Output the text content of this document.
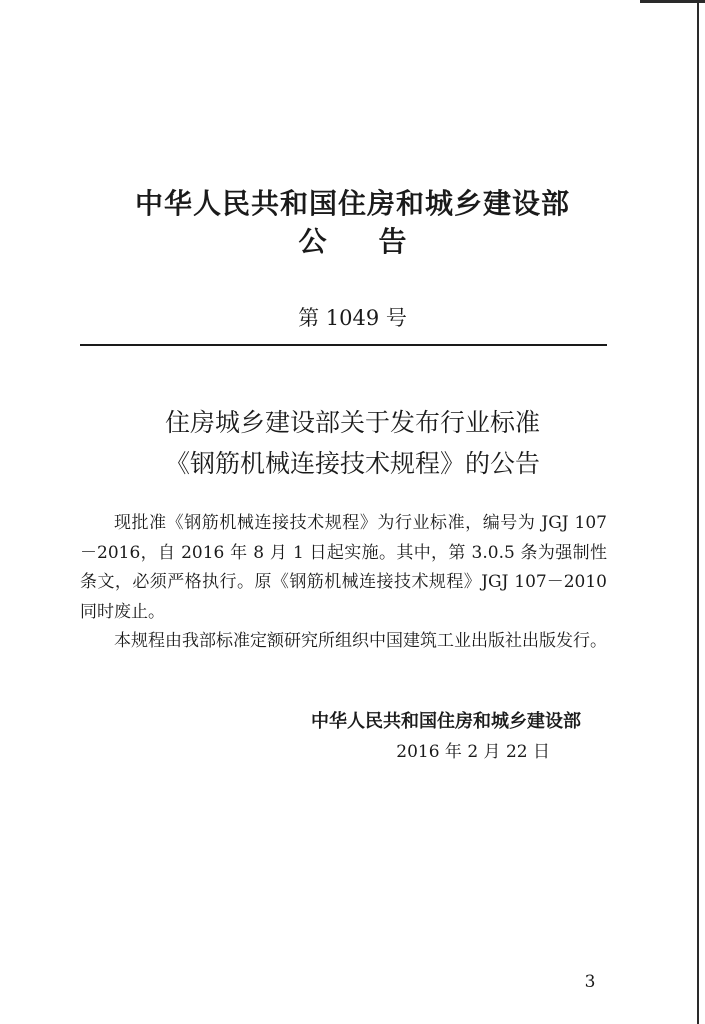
中华人民共和国住房和城乡建设部
公 告
第 1049 号
住房城乡建设部关于发布行业标准
《钢筋机械连接技术规程》的公告

现批准《钢筋机械连接技术规程》为行业标准，编号为 JGJ 107－2016，自 2016 年 8 月 1 日起实施。其中，第 3.0.5 条为强制性条文，必须严格执行。原《钢筋机械连接技术规程》JGJ 107－2010 同时废止。

本规程由我部标准定额研究所组织中国建筑工业出版社出版发行。

中华人民共和国住房和城乡建设部
2016 年 2 月 22 日
3
